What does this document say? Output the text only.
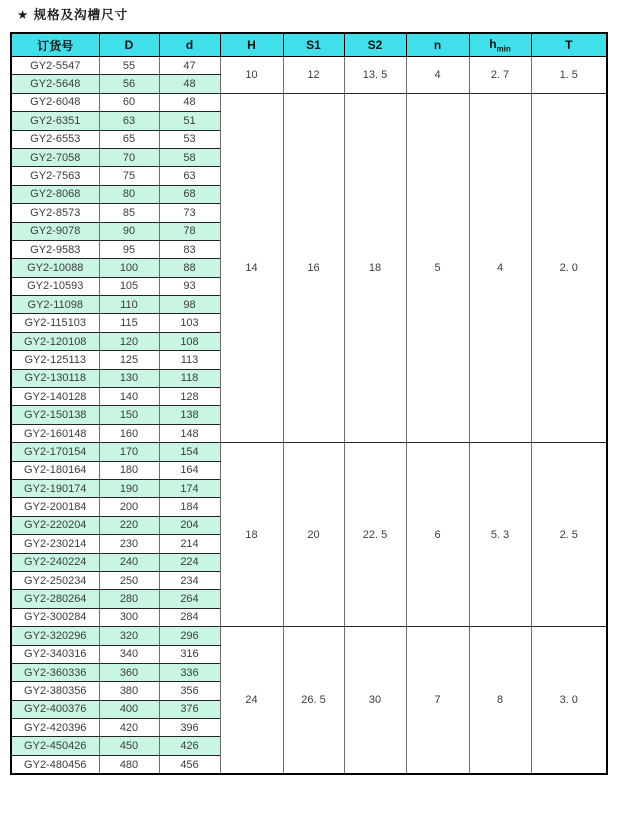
★ 规格及沟槽尺寸
订货号	D	d	H	S1	S2	n	$h_{min}$	T
GY2-5547	55	47	10	12	13. 5	4	2. 7	1. 5
GY2-5648	56	48						
GY2-6048	60	48	14	16	18	5	4	2. 0
GY2-6351	63	51						
GY2-6553	65	53						
GY2-7058	70	58						
GY2-7563	75	63						
GY2-8068	80	68						
GY2-8573	85	73						
GY2-9078	90	78						
GY2-9583	95	83						
GY2-10088	100	88						
GY2-10593	105	93						
GY2-11098	110	98						
GY2-115103	115	103						
GY2-120108	120	108						
GY2-125113	125	113						
GY2-130118	130	118						
GY2-140128	140	128						
GY2-150138	150	138						
GY2-160148	160	148						
GY2-170154	170	154	18	20	22. 5	6	5. 3	2. 5
GY2-180164	180	164						
GY2-190174	190	174						
GY2-200184	200	184						
GY2-220204	220	204						
GY2-230214	230	214						
GY2-240224	240	224						
GY2-250234	250	234						
GY2-280264	280	264						
GY2-300284	300	284						
GY2-320296	320	296	24	26. 5	30	7	8	3. 0
GY2-340316	340	316						
GY2-360336	360	336						
GY2-380356	380	356						
GY2-400376	400	376						
GY2-420396	420	396						
GY2-450426	450	426						
GY2-480456	480	456						
